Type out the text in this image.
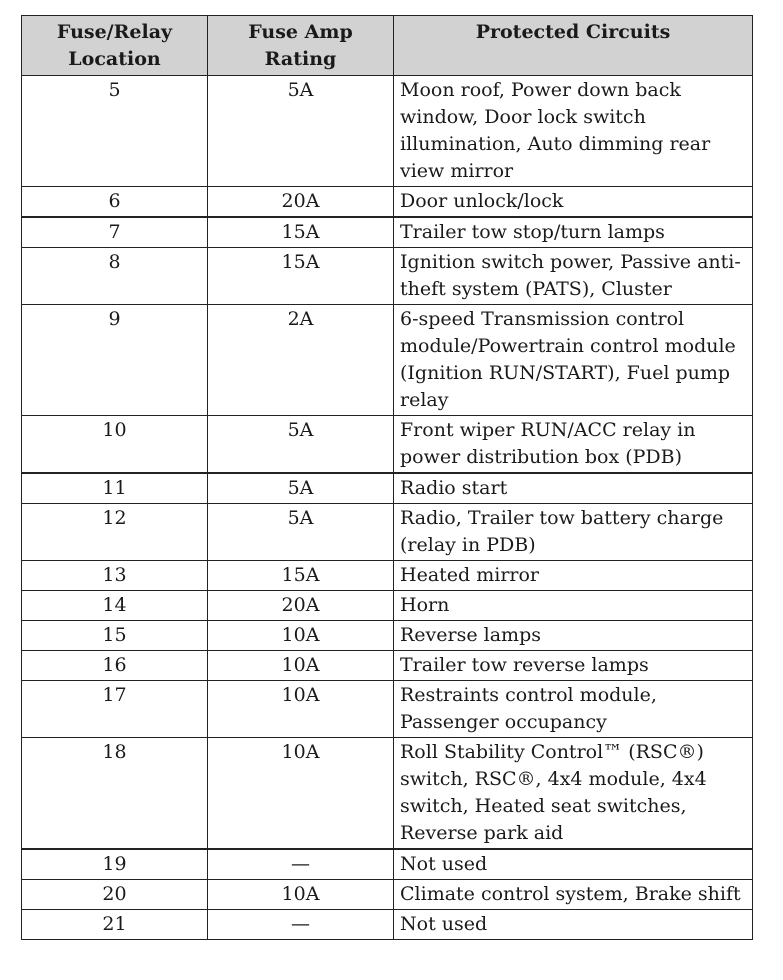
Fuse/Relay Location	Fuse Amp Rating	Protected Circuits
5	5A	Moon roof, Power down back window, Door lock switch illumination, Auto dimming rear view mirror
6	20A	Door unlock/lock
7	15A	Trailer tow stop/turn lamps
8	15A	Ignition switch power, Passive anti-theft system (PATS), Cluster
9	2A	6-speed Transmission control module/Powertrain control module (Ignition RUN/START), Fuel pump relay
10	5A	Front wiper RUN/ACC relay in power distribution box (PDB)
11	5A	Radio start
12	5A	Radio, Trailer tow battery charge (relay in PDB)
13	15A	Heated mirror
14	20A	Horn
15	10A	Reverse lamps
16	10A	Trailer tow reverse lamps
17	10A	Restraints control module, Passenger occupancy
18	10A	Roll Stability Control™ (RSC®) switch, RSC®, 4x4 module, 4x4 switch, Heated seat switches, Reverse park aid
19	—	Not used
20	10A	Climate control system, Brake shift
21	—	Not used
